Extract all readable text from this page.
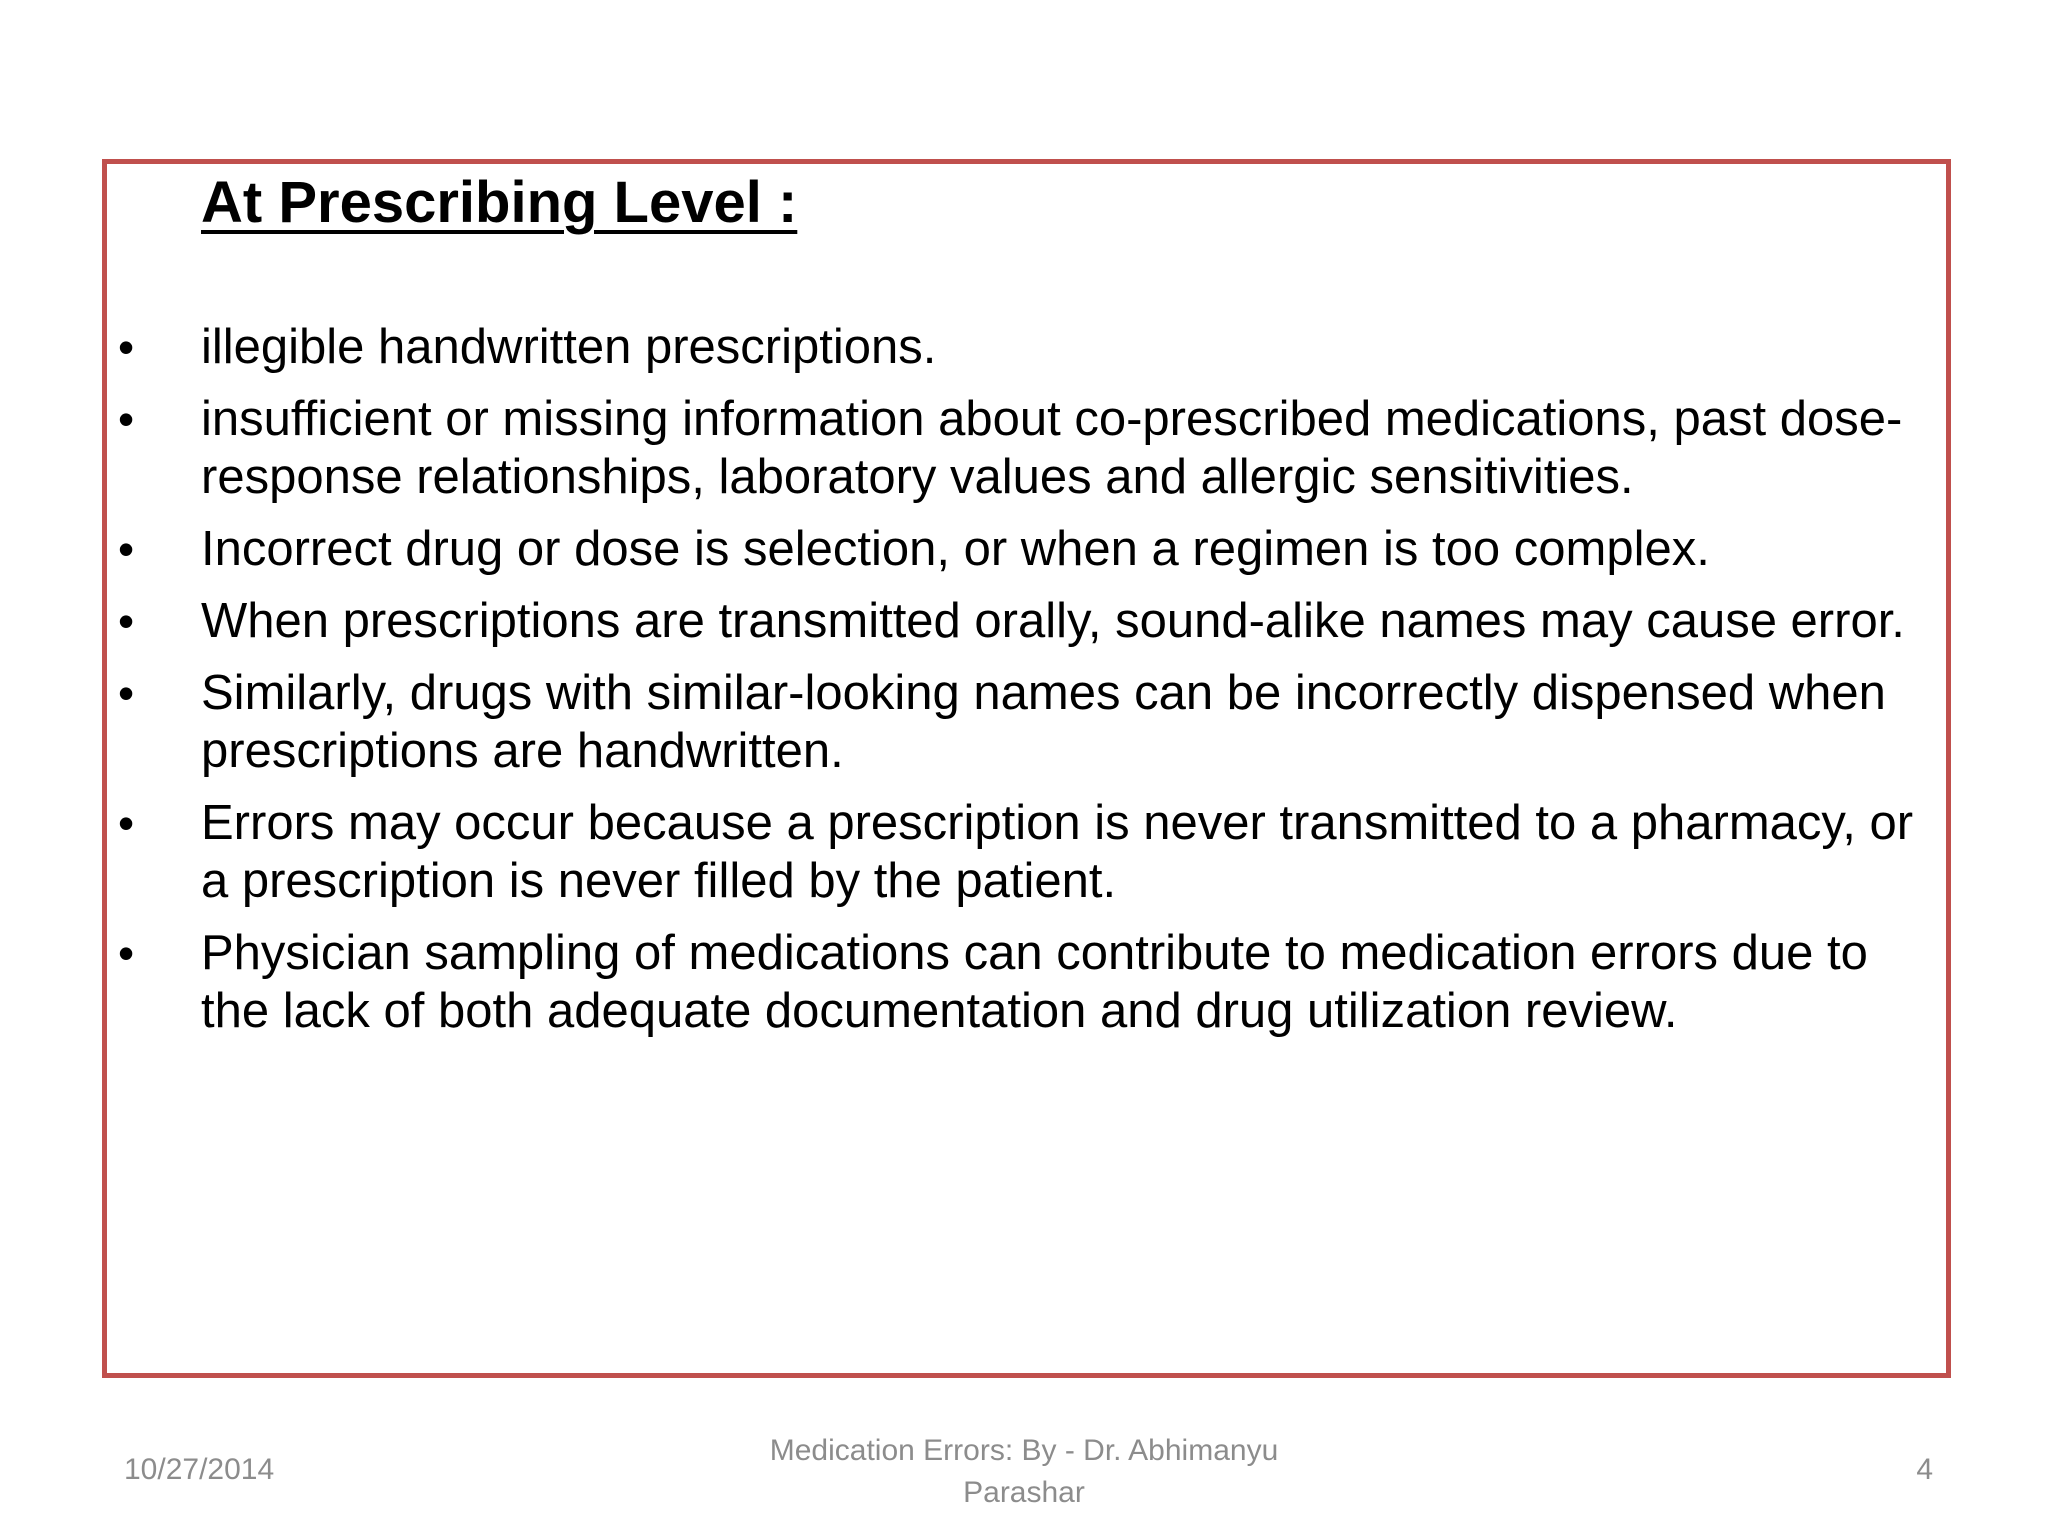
At Prescribing Level :
• illegible handwritten prescriptions.
• insufficient or missing information about co-prescribed medications, past dose-response relationships, laboratory values and allergic sensitivities.
• Incorrect drug or dose is selection, or when a regimen is too complex.
• When prescriptions are transmitted orally, sound-alike names may cause error.
• Similarly, drugs with similar-looking names can be incorrectly dispensed when prescriptions are handwritten.
• Errors may occur because a prescription is never transmitted to a pharmacy, or a prescription is never filled by the patient.
• Physician sampling of medications can contribute to medication errors due to the lack of both adequate documentation and drug utilization review.
10/27/2014
Medication Errors: By - Dr. Abhimanyu Parashar
4
